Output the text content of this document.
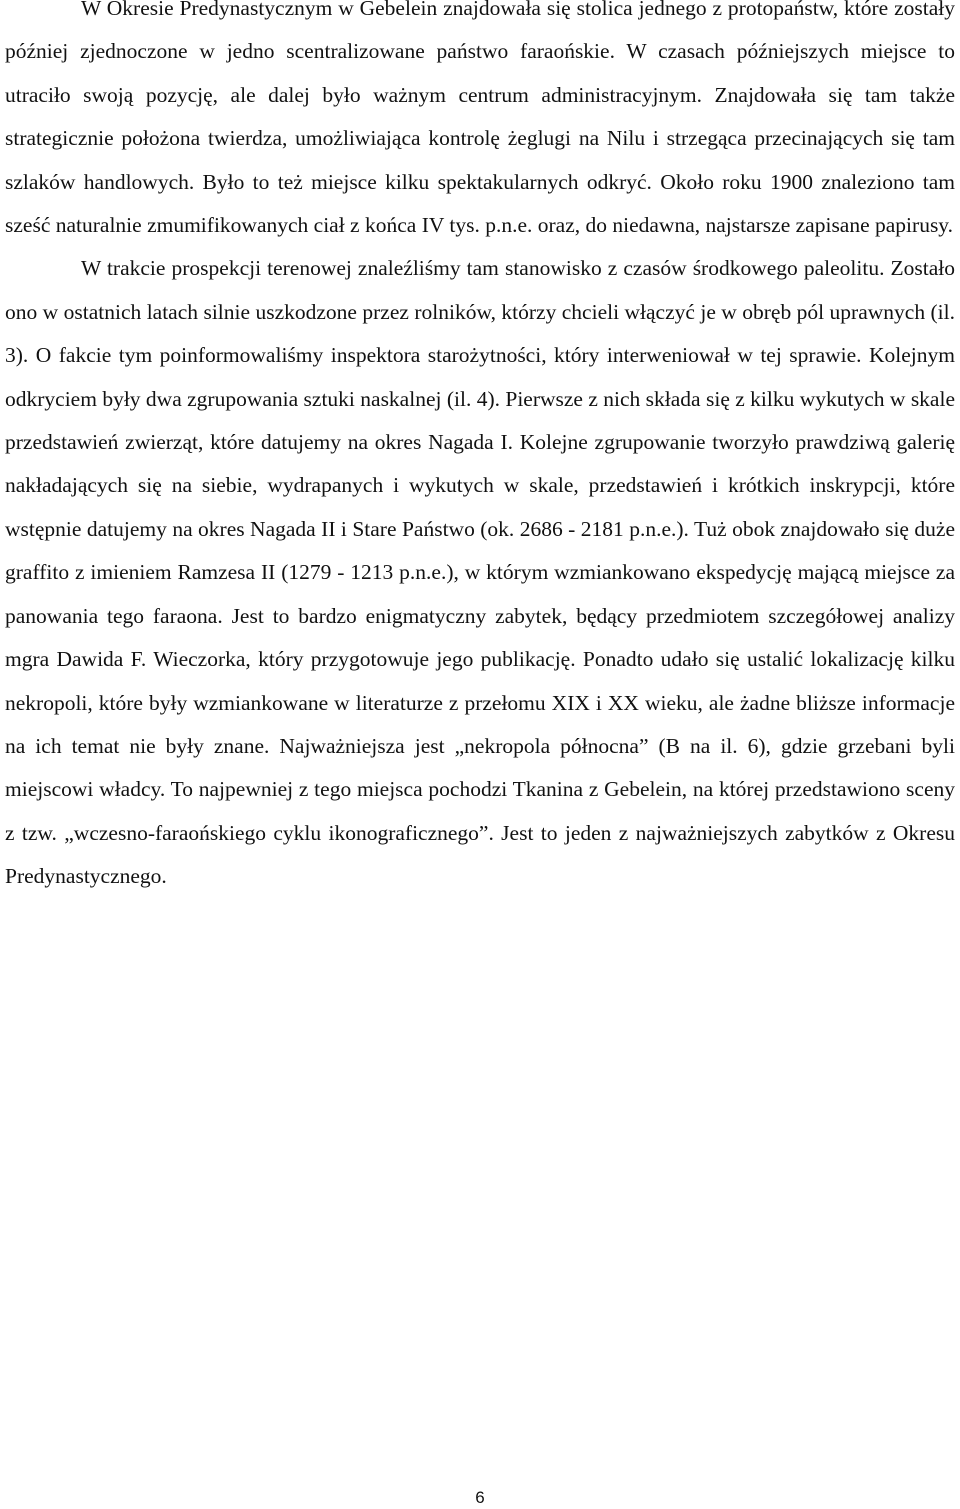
W Okresie Predynastycznym w Gebelein znajdowała się stolica jednego z protopaństw, które zostały później zjednoczone w jedno scentralizowane państwo faraońskie. W czasach późniejszych miejsce to utraciło swoją pozycję, ale dalej było ważnym centrum administracyjnym. Znajdowała się tam także strategicznie położona twierdza, umożliwiająca kontrolę żeglugi na Nilu i strzegąca przecinających się tam szlaków handlowych. Było to też miejsce kilku spektakularnych odkryć. Około roku 1900 znaleziono tam sześć naturalnie zmumifikowanych ciał z końca IV tys. p.n.e. oraz, do niedawna, najstarsze zapisane papirusy.

W trakcie prospekcji terenowej znaleźliśmy tam stanowisko z czasów środkowego paleolitu. Zostało ono w ostatnich latach silnie uszkodzone przez rolników, którzy chcieli włączyć je w obręb pól uprawnych (il. 3). O fakcie tym poinformowaliśmy inspektora starożytności, który interweniował w tej sprawie. Kolejnym odkryciem były dwa zgrupowania sztuki naskalnej (il. 4). Pierwsze z nich składa się z kilku wykutych w skale przedstawień zwierząt, które datujemy na okres Nagada I. Kolejne zgrupowanie tworzyło prawdziwą galerię nakładających się na siebie, wydrapanych i wykutych w skale, przedstawień i krótkich inskrypcji, które wstępnie datujemy na okres Nagada II i Stare Państwo (ok. 2686 - 2181 p.n.e.). Tuż obok znajdowało się duże graffito z imieniem Ramzesa II (1279 - 1213 p.n.e.), w którym wzmiankowano ekspedycję mającą miejsce za panowania tego faraona. Jest to bardzo enigmatyczny zabytek, będący przedmiotem szczegółowej analizy mgra Dawida F. Wieczorka, który przygotowuje jego publikację. Ponadto udało się ustalić lokalizację kilku nekropoli, które były wzmiankowane w literaturze z przełomu XIX i XX wieku, ale żadne bliższe informacje na ich temat nie były znane. Najważniejsza jest „nekropola północna” (B na il. 6), gdzie grzebani byli miejscowi władcy. To najpewniej z tego miejsca pochodzi Tkanina z Gebelein, na której przedstawiono sceny z tzw. „wczesno-faraońskiego cyklu ikonograficznego”. Jest to jeden z najważniejszych zabytków z Okresu Predynastycznego.

6
